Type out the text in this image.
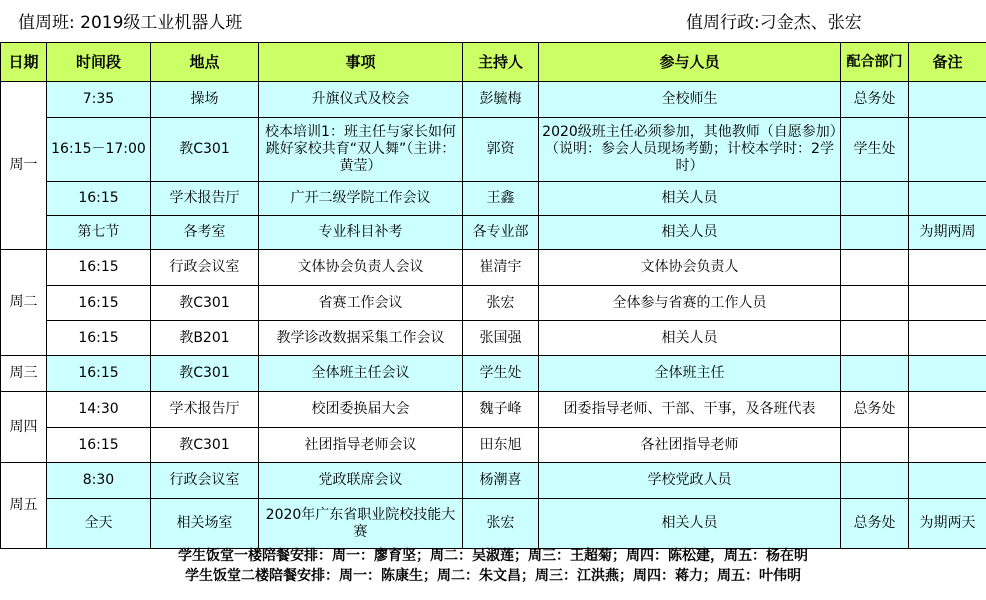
值周班: 2019级工业机器人班	值周行政:刁金杰、张宏
日期	时间段	地点	事项	主持人	参与人员	配合部门	备注
周一	7:35	操场	升旗仪式及校会	彭毓梅	全校师生	总务处	
	16:15－17:00	教C301	校本培训1：班主任与家长如何跳好家校共育“双人舞”（主讲：黄莹）	郭资	2020级班主任必须参加，其他教师（自愿参加）（说明：参会人员现场考勤；计校本学时：2学时）	学生处	
	16:15	学术报告厅	广开二级学院工作会议	王鑫	相关人员		
	第七节	各考室	专业科目补考	各专业部	相关人员		为期两周
周二	16:15	行政会议室	文体协会负责人会议	崔清宇	文体协会负责人		
	16:15	教C301	省赛工作会议	张宏	全体参与省赛的工作人员		
	16:15	教B201	教学诊改数据采集工作会议	张国强	相关人员		
周三	16:15	教C301	全体班主任会议	学生处	全体班主任		
周四	14:30	学术报告厅	校团委换届大会	魏子峰	团委指导老师、干部、干事，及各班代表	总务处	
	16:15	教C301	社团指导老师会议	田东旭	各社团指导老师		
周五	8:30	行政会议室	党政联席会议	杨潮喜	学校党政人员		
	全天	相关场室	2020年广东省职业院校技能大赛	张宏	相关人员	总务处	为期两天
学生饭堂一楼陪餐安排：周一：廖育坚；周二：吴淑莲；周三：王超菊；周四：陈松建，周五：杨在明
学生饭堂二楼陪餐安排：周一：陈康生；周二：朱文昌；周三：江洪燕；周四：蒋力；周五：叶伟明
